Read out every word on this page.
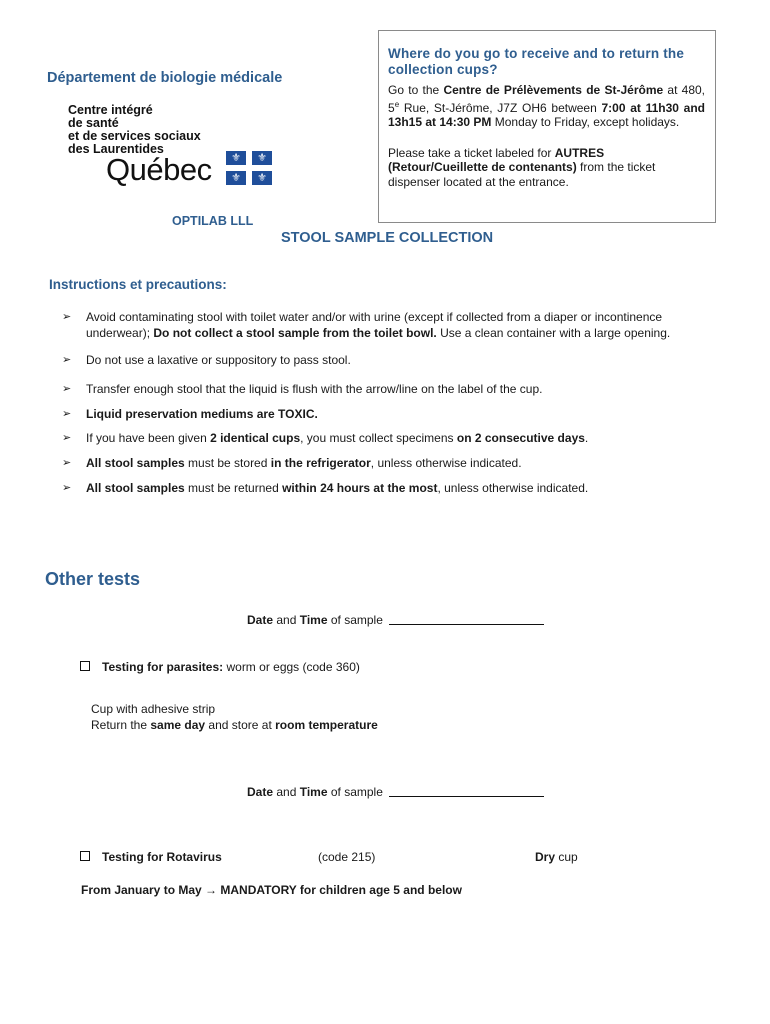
Département de biologie médicale
Centre intégré
de santé
et de services sociaux
des Laurentides
Québec	⚜	⚜
⚜	⚜
OPTILAB LLL
Where do you go to receive and to return the collection cups?
Go to the Centre de Prélèvements de St-Jérôme at 480, 5e Rue, St-Jérôme, J7Z OH6 between 7:00 at 11h30 and 13h15 at 14:30 PM Monday to Friday, except holidays.
Please take a ticket labeled for AUTRES (Retour/Cueillette de contenants) from the ticket dispenser located at the entrance.
STOOL SAMPLE COLLECTION
Instructions et precautions:
➢ Avoid contaminating stool with toilet water and/or with urine (except if collected from a diaper or incontinence underwear); Do not collect a stool sample from the toilet bowl. Use a clean container with a large opening.
➢ Do not use a laxative or suppository to pass stool.
➢ Transfer enough stool that the liquid is flush with the arrow/line on the label of the cup.
➢ Liquid preservation mediums are TOXIC.
➢ If you have been given 2 identical cups, you must collect specimens on 2 consecutive days.
➢ All stool samples must be stored in the refrigerator, unless otherwise indicated.
➢ All stool samples must be returned within 24 hours at the most, unless otherwise indicated.
Other tests
Date and Time of sample
Testing for parasites: worm or eggs (code 360)
Cup with adhesive strip
Return the same day and store at room temperature
Date and Time of sample
Testing for Rotavirus	(code 215)	Dry cup
From January to May → MANDATORY for children age 5 and below
